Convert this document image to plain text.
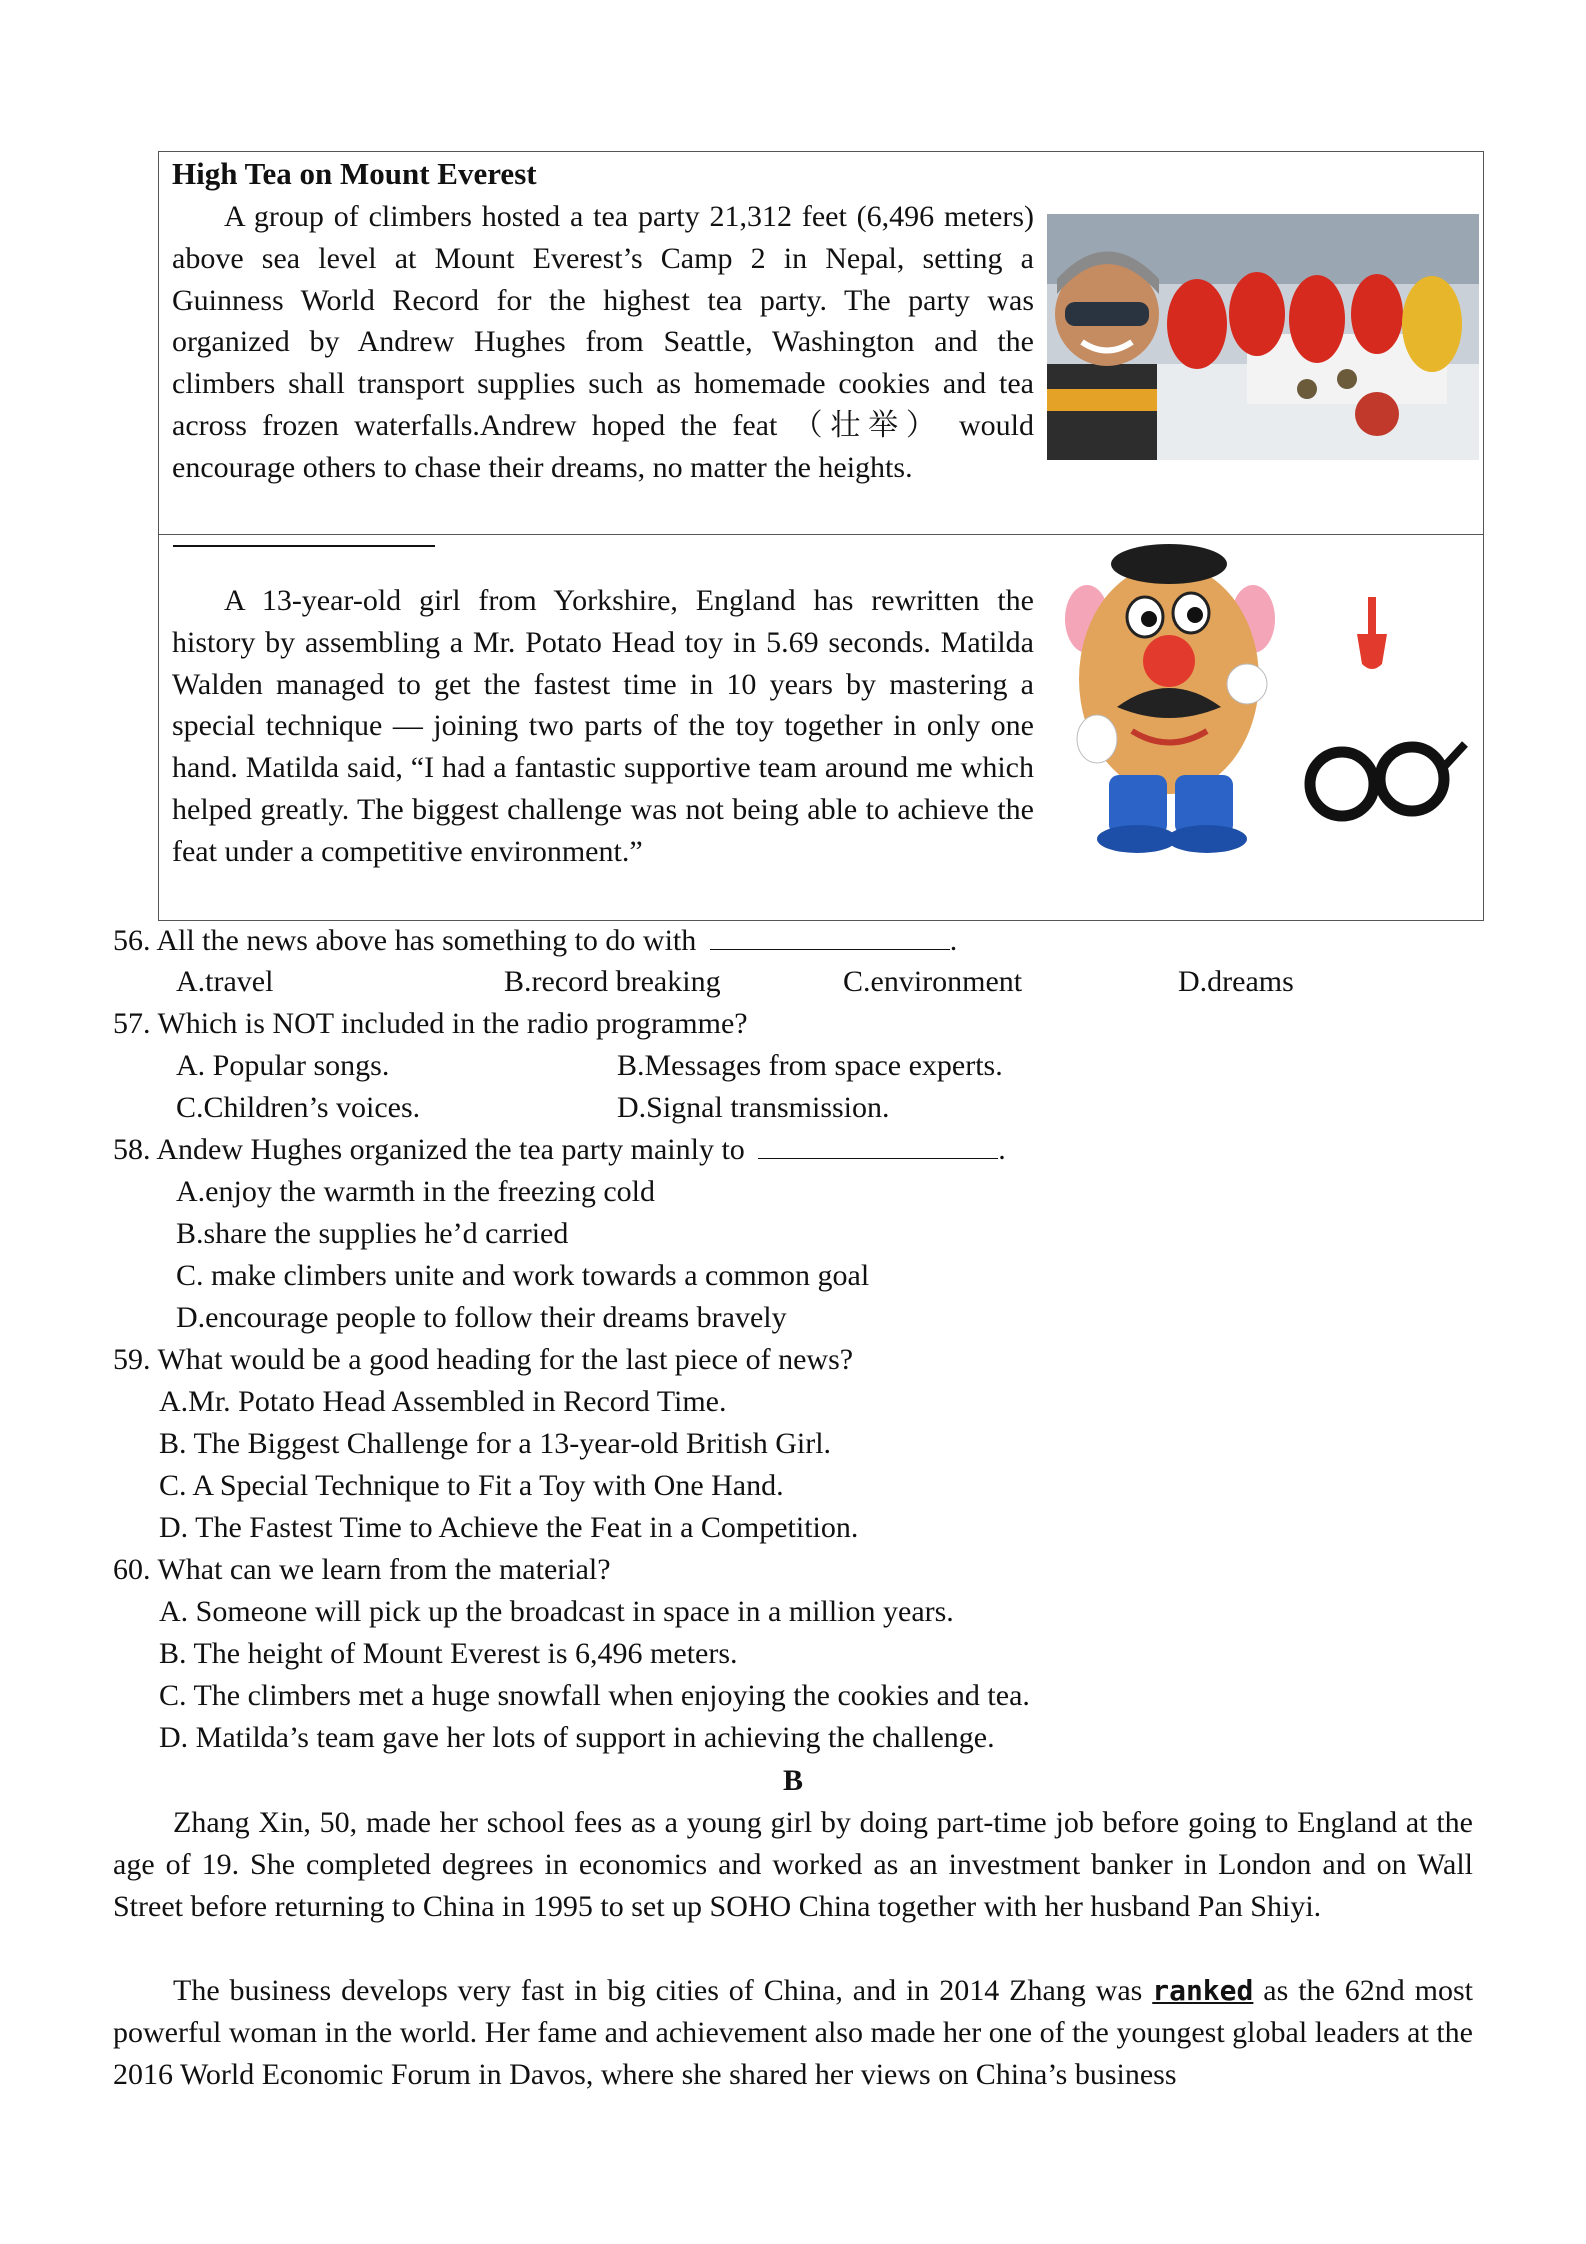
High Tea on Mount Everest
A group of climbers hosted a tea party 21,312 feet (6,496 meters) above sea level at Mount Everest’s Camp 2 in Nepal, setting a Guinness World Record for the highest tea party. The party was organized by Andrew Hughes from Seattle, Washington and the climbers shall transport supplies such as homemade cookies and tea across frozen waterfalls.Andrew hoped the feat （壮举） would encourage others to chase their dreams, no matter the heights.
A 13-year-old girl from Yorkshire, England has rewritten the history by assembling a Mr. Potato Head toy in 5.69 seconds. Matilda Walden managed to get the fastest time in 10 years by mastering a special technique — joining two parts of the toy together in only one hand. Matilda said, “I had a fantastic supportive team around me which helped greatly. The biggest challenge was not being able to achieve the feat under a competitive environment.”
56. All the news above has something to do with	.
A.travel	B.record breaking	C.environment	D.dreams
57. Which is NOT included in the radio programme?
A. Popular songs.	B.Messages from space experts.
C.Children’s voices.	D.Signal transmission.
58. Andew Hughes organized the tea party mainly to	.
A.enjoy the warmth in the freezing cold
B.share the supplies he’d carried
C. make climbers unite and work towards a common goal
D.encourage people to follow their dreams bravely
59. What would be a good heading for the last piece of news?
A.Mr. Potato Head Assembled in Record Time.
B. The Biggest Challenge for a 13-year-old British Girl.
C. A Special Technique to Fit a Toy with One Hand.
D. The Fastest Time to Achieve the Feat in a Competition.
60. What can we learn from the material?
A. Someone will pick up the broadcast in space in a million years.
B. The height of Mount Everest is 6,496 meters.
C. The climbers met a huge snowfall when enjoying the cookies and tea.
D. Matilda’s team gave her lots of support in achieving the challenge.
B
Zhang Xin, 50, made her school fees as a young girl by doing part-time job before going to England at the age of 19. She completed degrees in economics and worked as an investment banker in London and on Wall Street before returning to China in 1995 to set up SOHO China together with her husband Pan Shiyi.
The business develops very fast in big cities of China, and in 2014 Zhang was ranked as the 62nd most powerful woman in the world. Her fame and achievement also made her one of the youngest global leaders at the 2016 World Economic Forum in Davos, where she shared her views on China’s business
